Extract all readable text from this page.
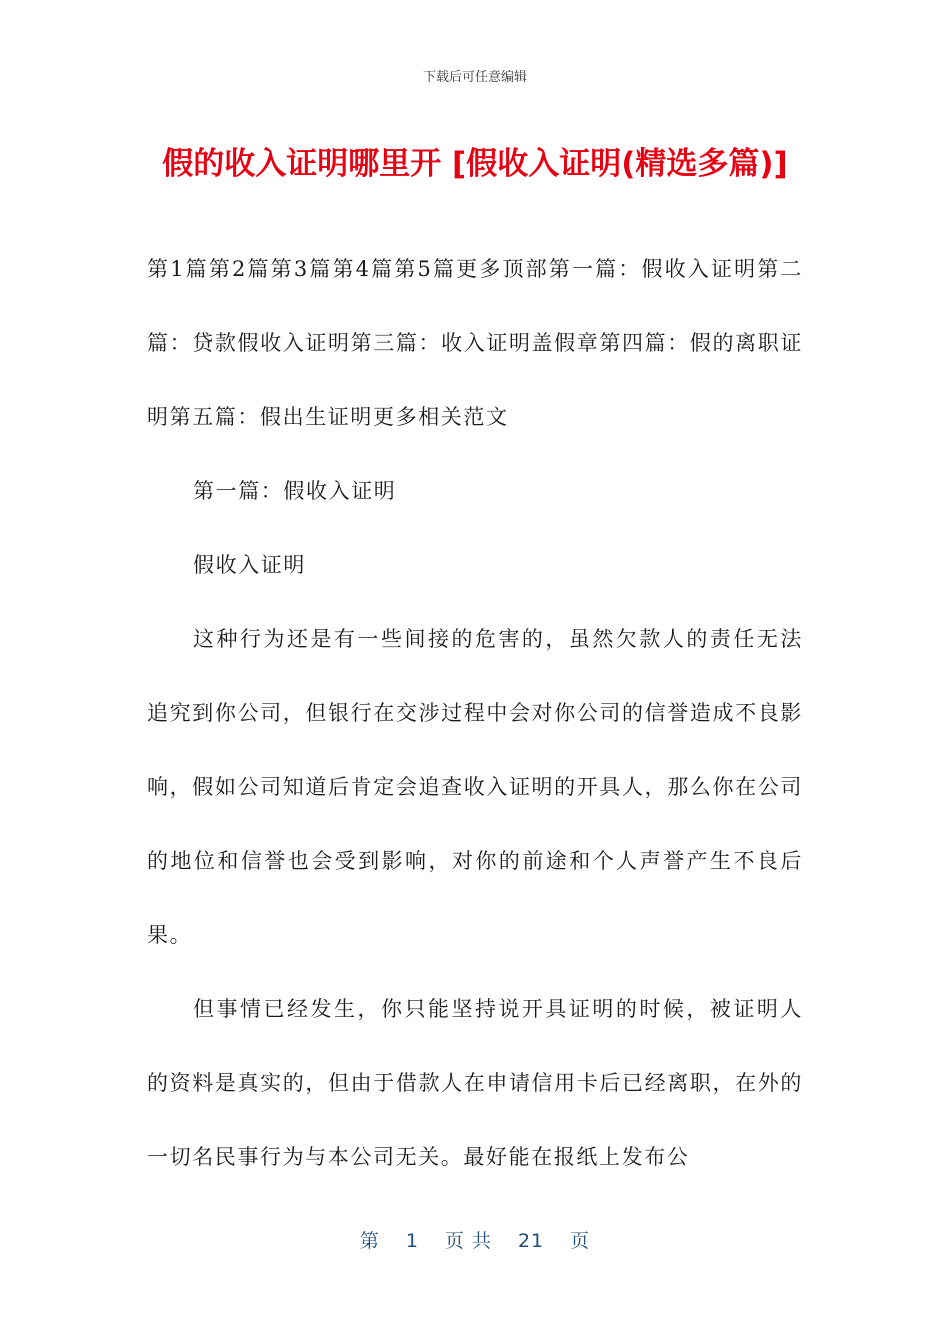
下载后可任意编辑
假的收入证明哪里开 [假收入证明(精选多篇)]

第1篇第2篇第3篇第4篇第5篇更多顶部第一篇：假收入证明第二篇：贷款假收入证明第三篇：收入证明盖假章第四篇：假的离职证明第五篇：假出生证明更多相关范文

第一篇：假收入证明

假收入证明

这种行为还是有一些间接的危害的，虽然欠款人的责任无法追究到你公司，但银行在交涉过程中会对你公司的信誉造成不良影响，假如公司知道后肯定会追查收入证明的开具人，那么你在公司的地位和信誉也会受到影响，对你的前途和个人声誉产生不良后果。

但事情已经发生，你只能坚持说开具证明的时候，被证明人的资料是真实的，但由于借款人在申请信用卡后已经离职，在外的一切名民事行为与本公司无关。最好能在报纸上发布公

第 1 页 共 21 页
